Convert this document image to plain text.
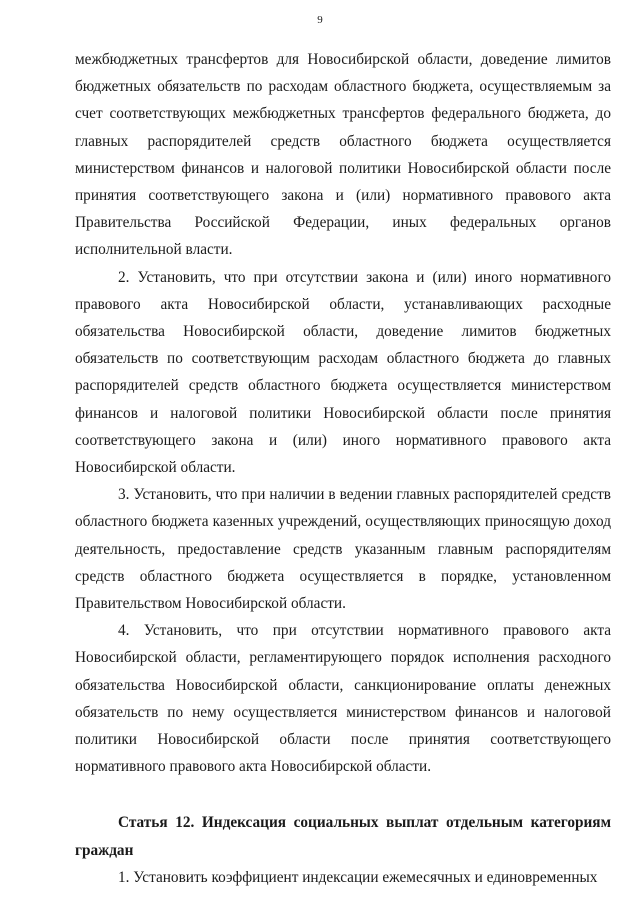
9

межбюджетных трансфертов для Новосибирской области, доведение лимитов бюджетных обязательств по расходам областного бюджета, осуществляемым за счет соответствующих межбюджетных трансфертов федерального бюджета, до главных распорядителей средств областного бюджета осуществляется министерством финансов и налоговой политики Новосибирской области после принятия соответствующего закона и (или) нормативного правового акта Правительства Российской Федерации, иных федеральных органов исполнительной власти.

2. Установить, что при отсутствии закона и (или) иного нормативного правового акта Новосибирской области, устанавливающих расходные обязательства Новосибирской области, доведение лимитов бюджетных обязательств по соответствующим расходам областного бюджета до главных распорядителей средств областного бюджета осуществляется министерством финансов и налоговой политики Новосибирской области после принятия соответствующего закона и (или) иного нормативного правового акта Новосибирской области.

3. Установить, что при наличии в ведении главных распорядителей средств областного бюджета казенных учреждений, осуществляющих приносящую доход деятельность, предоставление средств указанным главным распорядителям средств областного бюджета осуществляется в порядке, установленном Правительством Новосибирской области.

4. Установить, что при отсутствии нормативного правового акта Новосибирской области, регламентирующего порядок исполнения расходного обязательства Новосибирской области, санкционирование оплаты денежных обязательств по нему осуществляется министерством финансов и налоговой политики Новосибирской области после принятия соответствующего нормативного правового акта Новосибирской области.

Статья 12. Индексация социальных выплат отдельным категориям граждан

1. Установить коэффициент индексации ежемесячных и единовременных
